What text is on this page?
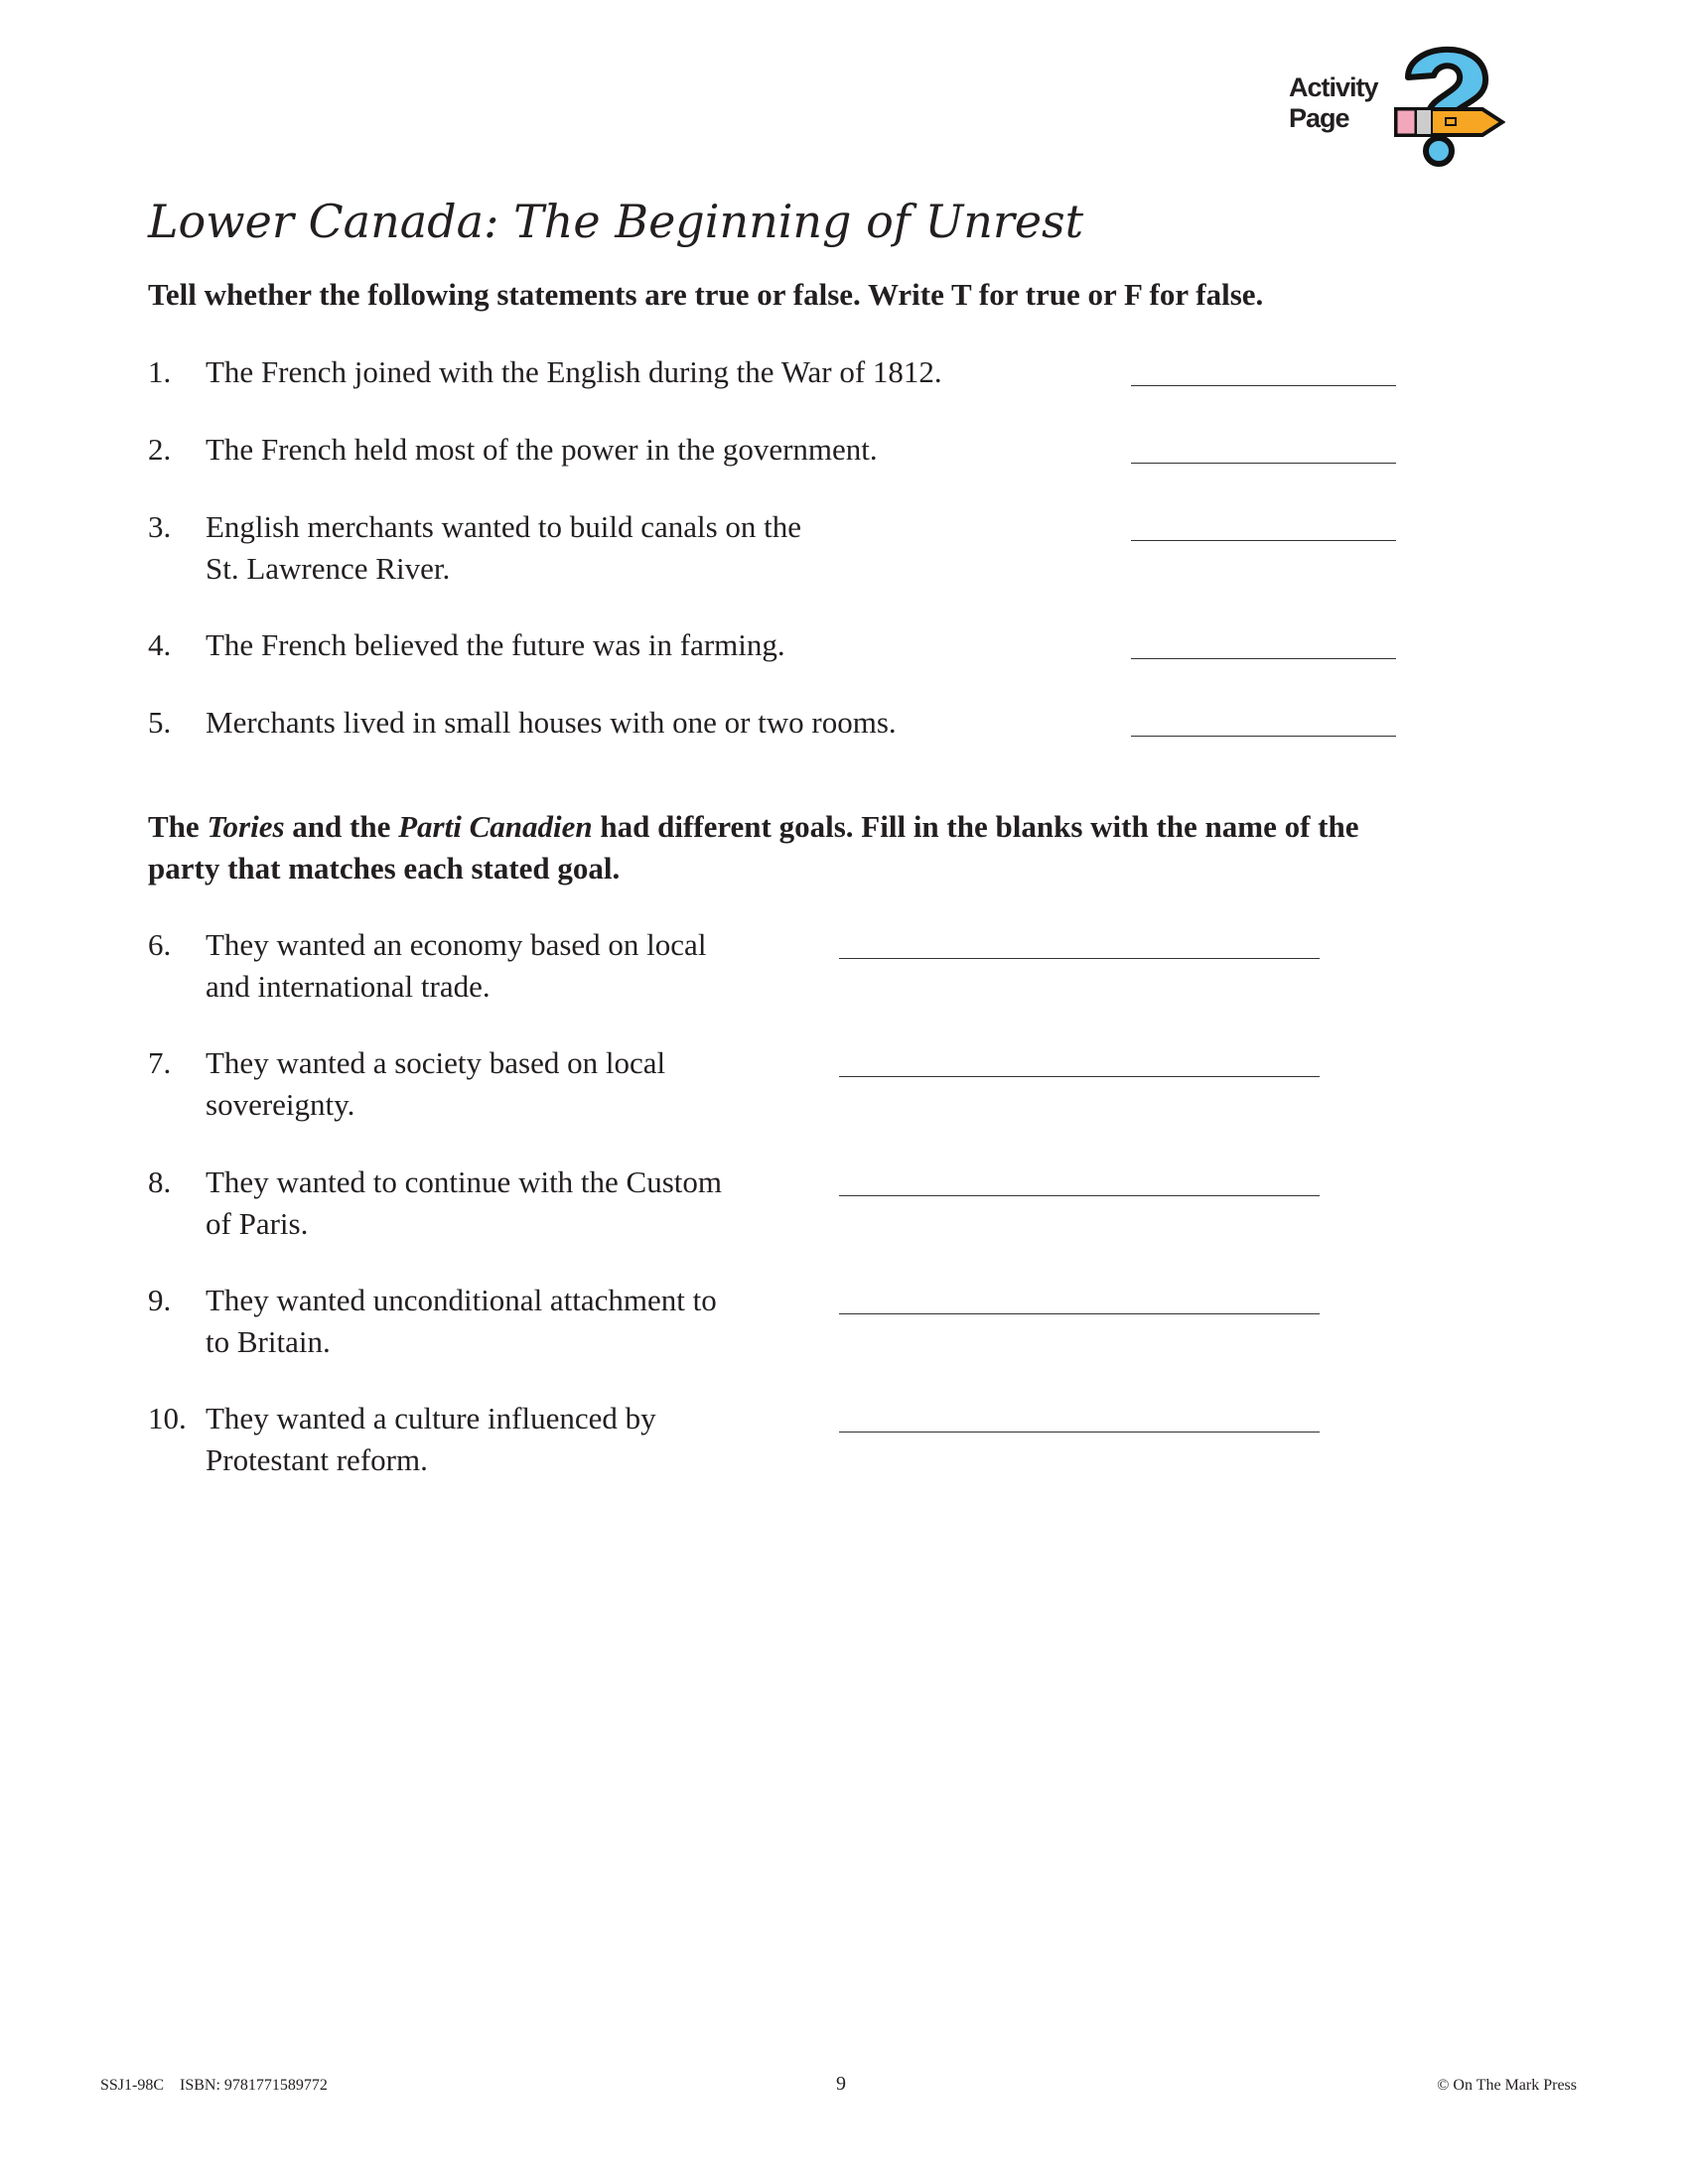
Activity
Page
Lower Canada: The Beginning of Unrest
Tell whether the following statements are true or false. Write T for true or F for false.
1. The French joined with the English during the War of 1812.

2. The French held most of the power in the government.

3. English merchants wanted to build canals on the
St. Lawrence River.
4. The French believed the future was in farming.

5. Merchants lived in small houses with one or two rooms.

The Tories and the Parti Canadien had different goals. Fill in the blanks with the name of the
party that matches each stated goal.
6. They wanted an economy based on local
and international trade.
7. They wanted a society based on local
sovereignty.
8. They wanted to continue with the Custom
of Paris.
9. They wanted unconditional attachment to
to Britain.
10. They wanted a culture influenced by
Protestant reform.
SSJ1-98C ISBN: 9781771589772	9	© On The Mark Press
